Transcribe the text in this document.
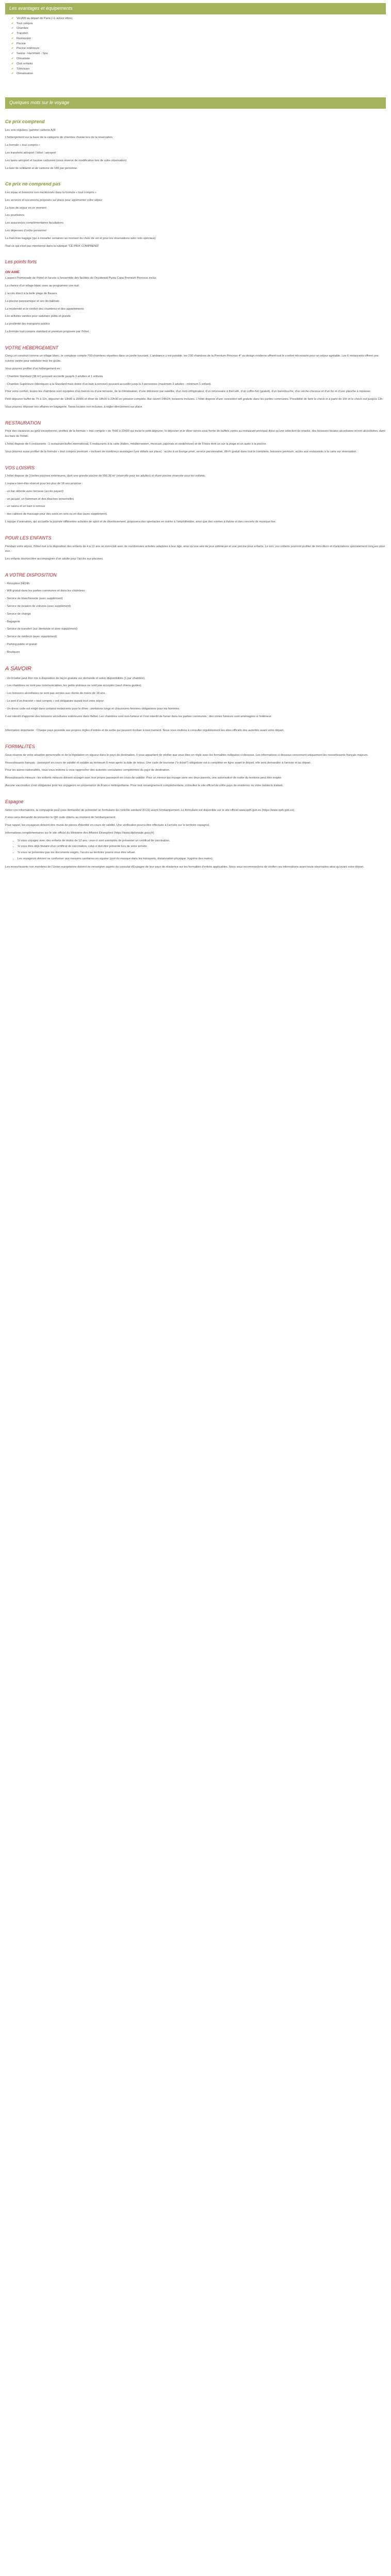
Les avantages et équipements
✔ Vol A/R au départ de Paris (+1 autres villes)
✔ Tout compris
✔ Chambre
✔ Transfert
✔ Restaurant
✔ Piscine
✔ Piscine extérieure
✔ Sauna - Hammam - Spa
✔ Climatisée
✔ Club enfants
✔ Télévision
✔ Climatisation
Quelques mots sur le voyage
Ce prix comprend

Les vols réguliers, gamme carbone A/R

L'hébergement sur la base de la catégorie de chambre choisie lors de la réservation

La formule « tout compris »

Les transferts aéroport / hôtel / aéroport

Les taxes aéroport et hausse carburant (sous réserve de modification lors de votre réservation)

La taxe de solidarité et de carbone de 18€ par personne.

Ce prix ne comprend pas

Les repas et boissons non mentionnés dans la formule « tout compris »

Les services et excursions proposés sur place pour agrémenter votre séjour

La taxe de séjour en ce moment

Les pourboires

Les assurances complémentaires facultatives

Les dépenses d'ordre personnel

La franchise bagage (qui à travailler certaines au moment du choix de vol et pour les réservations avec vols spéciaux)

Tout ce qui n'est pas mentionné dans la rubrique "CE PRIX COMPREND"

Les points forts
ON AIME

L'aspect Promenade de l'hôtel et l'accès à l'ensemble des facilités du Occidental Punta Cana Premium Princess inclus

La chance d'un village blanc avec au programme une nuit

L'accès direct à la belle plage de Bavaro

La piscine panoramique et ses lits balinais

La modernité et le confort des chambres et des appartements

Les activités variées pour satisfaire petits et grands

La proximité des transports publics

La formule tout compris standard et premium proposée par l'hôtel.

VOTRE HÉBERGEMENT

Conçu et construit comme un village blanc, le complexe compte 700 chambres réparties dans un jardin luxuriant. L'ambiance y est paisible, les 230 chambres de la Premium Princess 4* au design moderne offrent tout le confort nécessaire pour un séjour agréable. Les 6 restaurants offrent une cuisine variée pour satisfaire tous les goûts.

Vous pourrez profiter d'un hébergement en :

- Chambre Standard (38 m²) pouvant accueillir jusqu'à 3 adultes et 1 enfants.

- Chambre Supérieure (identiques à la Standard mais dotée d'un bain à remous) pouvant accueillir jusqu'à 3 personnes (maximum 3 adultes - minimum 1 enfant).

Pour votre confort, toutes les chambres sont équipées d'un balcon ou d'une terrasse, de la climatisation, d'une télévision par satellite, d'un mini-réfrigérateur, d'un nécessaire à thé/café, d'un coffre-fort (gratuit), d'un bain/douche, d'un sèche-cheveux et d'un fer et d'une planche à repasser.

Petit déjeuner buffet de 7h à 11h, déjeuner de 13h00 à 15h00 et dîner de 18h30 à 22h30 en pension complète. Bar ouvert 24h/24, boissons incluses. L'hôtel dispose d'une connexion wifi gratuite dans les parties communes. Possibilité de faire le check-in à partir de 15h et le check-out jusqu'à 12h.

Vous pourrez déposer vos affaires en bagagerie. Taxes locales non incluses, à régler directement sur place.

RESTAURATION

Pour des vacances au goût exceptionnel, profitez de la formule « tout compris » de 7h00 à 23h00 qui inclut le petit-déjeuner, le déjeuner et le dîner servis sous forme de buffets variés au restaurant principal. Ainsi qu'une sélection de snacks, des boissons locales alcoolisées et non alcoolisées, dans les bars de l'hôtel.

L'hôtel dispose de 6 restaurants : 1 restaurant buffet international, 5 restaurants à la carte (italien, méditerranéen, mexicain, japonais et steakhouse) et de 5 bars dont un sur la plage et un autre à la piscine.

Vous pourrez aussi profiter de la formule « tout compris premium » incluant de nombreux avantages (voir détails sur place) : accès à un lounge privé, service personnalisé, Wi-Fi gratuit dans tout le complexe, boissons premium, accès aux restaurants à la carte sur réservation.

VOS LOISIRS

L'hôtel dispose de 3 belles piscines extérieures, dont une grande piscine de 556,36 m² (résérvée pour les adultes) et d'une piscine réservée pour les enfants.

L'espace bien-être réservé pour les plus de 18 ans propose :

- un bar détente avec terrasse (accès payant)

- un jacuzzi, un hammam et des douches sensorielles

- un sauna et un bain à remous

- des cabines de massage pour des soins en solo ou en duo (avec supplément).

L'équipe d'animation, qui accueille la journée différentes activités de sport et de divertissement, proposera des spectacles en soirée à l'amphithéâtre, ainsi que des soirées à thème et des concerts de musique live.

POUR LES ENFANTS

Pendant votre séjour, l'hôtel met à la disposition des enfants de 4 à 12 ans un mini-club avec de nombreuses activités adaptées à leur âge, ainsi qu'une aire de jeux extérieure et une piscine pour enfants. Le soir, vos enfants pourront profiter de mini-disco et d'animations spécialement conçues pour eux.

Les enfants devront être accompagnés d'un adulte pour l'accès aux piscines.

A VOTRE DISPOSITION

- Réception 24/24h

- Wifi gratuit dans les parties communes et dans les chambres

- Service de blanchisserie (avec supplément)

- Service de location de voitures (avec supplément)

- Service de change

- Bagagerie

- Service de transfert (sur demande et avec supplément)

- Service de médecin (avec supplément)

- Parking public et gratuit

- Boutiques

A SAVOIR

- Un lit bébé peut être mis à disposition de façon gratuite sur demande et selon disponibilités (1 par chambre).

- Les chambres ne sont pas communicantes, les petits animaux ne sont pas acceptés (sauf chiens guides).

- Les boissons alcoolisées ne sont pas servies aux clients de moins de 18 ans.

- Le port d'un bracelet « tout compris » est obligatoire durant tout votre séjour.

- Un dress code est exigé dans certains restaurants pour le dîner : pantalons longs et chaussures fermées obligatoires pour les hommes.

Il est interdit d'apporter des boissons alcoolisées extérieures dans l'hôtel. Les chambres sont non-fumeur et il est interdit de fumer dans les parties communes ; des zones fumeurs sont aménagées à l'extérieur.

Information importante : Chaque pays possède ses propres règles d'entrée et de sortie qui peuvent évoluer à tout moment. Nous vous invitons à consulter régulièrement les sites officiels des autorités avant votre départ.

FORMALITÉS

Sous réserve de votre situation personnelle et de la législation en vigueur dans le pays de destination. Il vous appartient de vérifier que vous êtes en règle avec les formalités indiquées ci-dessous. Les informations ci-dessous concernent uniquement les ressortissants français majeurs.

Ressortissants français : passeport en cours de validité et valable au minimum 6 mois après la date de retour. Une carte de tourisme ("e-ticket") obligatoire est à compléter en ligne avant le départ, elle sera demandée à l'arrivée et au départ.

Pour les autres nationalités, nous vous invitons à vous rapprocher des autorités consulaires compétentes du pays de destination.

Ressortissants mineurs : les enfants mineurs doivent voyager avec leur propre passeport en cours de validité. Pour un mineur qui voyage sans ses deux parents, une autorisation de sortie du territoire peut être exigée.

Aucune vaccination n'est obligatoire pour les voyageurs en provenance de France métropolitaine. Pour tout renseignement complémentaire, consultez le site officiel de votre pays de résidence ou votre médecin traitant.

Espagne

Selon vos informations, la compagnie peut vous demander de présenter un formulaire de contrôle sanitaire (FCS) avant l'embarquement. Le formulaire est disponible sur le site officiel www.spth.gob.es (https://www.spth.gob.es).

Il vous sera demandé de présenter le QR code obtenu au moment de l'embarquement.

Pour rappel, les voyageurs doivent être munis de pièces d'identité en cours de validité. Une vérification pourra être effectuée à l'arrivée sur le territoire espagnol.

Informations complémentaires sur le site officiel du Ministère des Affaires Étrangères (https://www.diplomatie.gouv.fr).

• Si vous voyagez avec des enfants de moins de 12 ans, ceux-ci sont exemptés de présenter un certificat de vaccination.
• Si vous êtes déjà titulaire d'un certificat de vaccination, celui-ci doit être présenté lors de votre arrivée.
• Si vous ne présentez pas les documents exigés, l'accès au territoire pourra vous être refusé.
• Les voyageurs doivent se conformer aux mesures sanitaires en vigueur (port du masque dans les transports, distanciation physique, hygiène des mains).

Les ressortissants non membres de l'Union européenne doivent se renseigner auprès du consulat d'Espagne de leur pays de résidence sur les formalités d'entrée applicables. Nous vous recommandons de vérifier ces informations avant toute réservation ainsi qu'avant votre départ.
